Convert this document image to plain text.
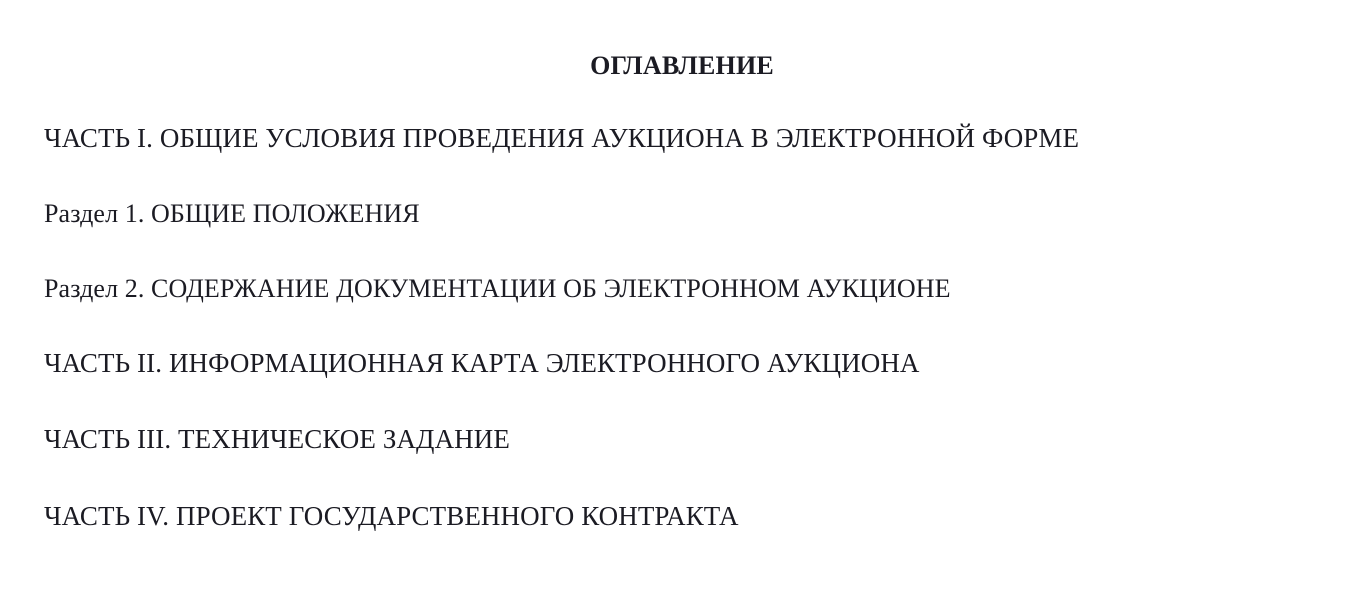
ОГЛАВЛЕНИЕ
ЧАСТЬ I. ОБЩИЕ УСЛОВИЯ ПРОВЕДЕНИЯ АУКЦИОНА В ЭЛЕКТРОННОЙ ФОРМЕ
Раздел 1. ОБЩИЕ ПОЛОЖЕНИЯ
Раздел 2. СОДЕРЖАНИЕ ДОКУМЕНТАЦИИ ОБ ЭЛЕКТРОННОМ АУКЦИОНЕ
ЧАСТЬ II. ИНФОРМАЦИОННАЯ КАРТА ЭЛЕКТРОННОГО АУКЦИОНА
ЧАСТЬ III. ТЕХНИЧЕСКОЕ ЗАДАНИЕ
ЧАСТЬ IV. ПРОЕКТ ГОСУДАРСТВЕННОГО КОНТРАКТА
